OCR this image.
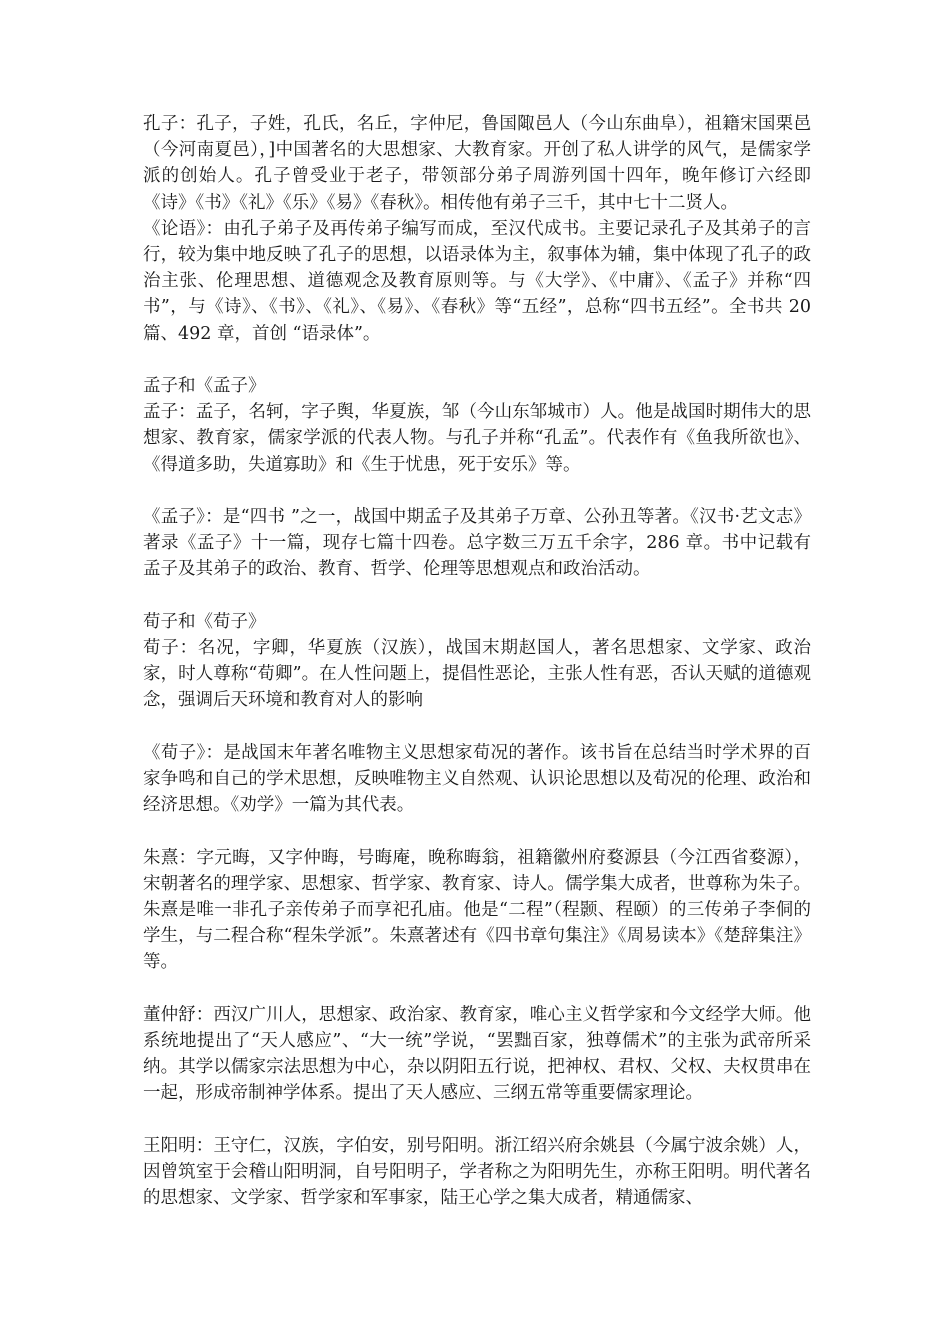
孔子：孔子，子姓，孔氏，名丘，字仲尼，鲁国陬邑人（今山东曲阜），祖籍宋国栗邑（今河南夏邑），]中国著名的大思想家、大教育家。开创了私人讲学的风气，是儒家学派的创始人。孔子曾受业于老子，带领部分弟子周游列国十四年，晚年修订六经即《诗》《书》《礼》《乐》《易》《春秋》。相传他有弟子三千，其中七十二贤人。

《论语》：由孔子弟子及再传弟子编写而成，至汉代成书。主要记录孔子及其弟子的言行，较为集中地反映了孔子的思想，以语录体为主，叙事体为辅，集中体现了孔子的政治主张、伦理思想、道德观念及教育原则等。与《大学》、《中庸》、《孟子》并称“四书”，与《诗》、《书》、《礼》、《易》、《春秋》等“五经”，总称“四书五经”。全书共 20 篇、492 章，首创 “语录体”。

孟子和《孟子》

孟子：孟子，名轲，字子舆，华夏族，邹（今山东邹城市）人。他是战国时期伟大的思想家、教育家，儒家学派的代表人物。与孔子并称“孔孟”。代表作有《鱼我所欲也》、《得道多助，失道寡助》和《生于忧患，死于安乐》等。

《孟子》：是“四书 ”之一，战国中期孟子及其弟子万章、公孙丑等著。《汉书·艺文志》著录《孟子》十一篇，现存七篇十四卷。总字数三万五千余字，286 章。书中记载有孟子及其弟子的政治、教育、哲学、伦理等思想观点和政治活动。

荀子和《荀子》

荀子：名况，字卿，华夏族（汉族），战国末期赵国人，著名思想家、文学家、政治家，时人尊称“荀卿”。在人性问题上，提倡性恶论，主张人性有恶，否认天赋的道德观念，强调后天环境和教育对人的影响

《荀子》：是战国末年著名唯物主义思想家荀况的著作。该书旨在总结当时学术界的百家争鸣和自己的学术思想，反映唯物主义自然观、认识论思想以及荀况的伦理、政治和经济思想。《劝学》一篇为其代表。

朱熹：字元晦，又字仲晦，号晦庵，晚称晦翁，祖籍徽州府婺源县（今江西省婺源），宋朝著名的理学家、思想家、哲学家、教育家、诗人。儒学集大成者，世尊称为朱子。朱熹是唯一非孔子亲传弟子而享祀孔庙。他是“二程”（程颢、程颐）的三传弟子李侗的学生，与二程合称“程朱学派”。朱熹著述有《四书章句集注》《周易读本》《楚辞集注》等。

董仲舒：西汉广川人，思想家、政治家、教育家，唯心主义哲学家和今文经学大师。他系统地提出了“天人感应”、“大一统”学说，“罢黜百家，独尊儒术”的主张为武帝所采纳。其学以儒家宗法思想为中心，杂以阴阳五行说，把神权、君权、父权、夫权贯串在一起，形成帝制神学体系。提出了天人感应、三纲五常等重要儒家理论。

王阳明：王守仁，汉族，字伯安，别号阳明。浙江绍兴府余姚县（今属宁波余姚）人，因曾筑室于会稽山阳明洞，自号阳明子，学者称之为阳明先生，亦称王阳明。明代著名的思想家、文学家、哲学家和军事家，陆王心学之集大成者，精通儒家、
